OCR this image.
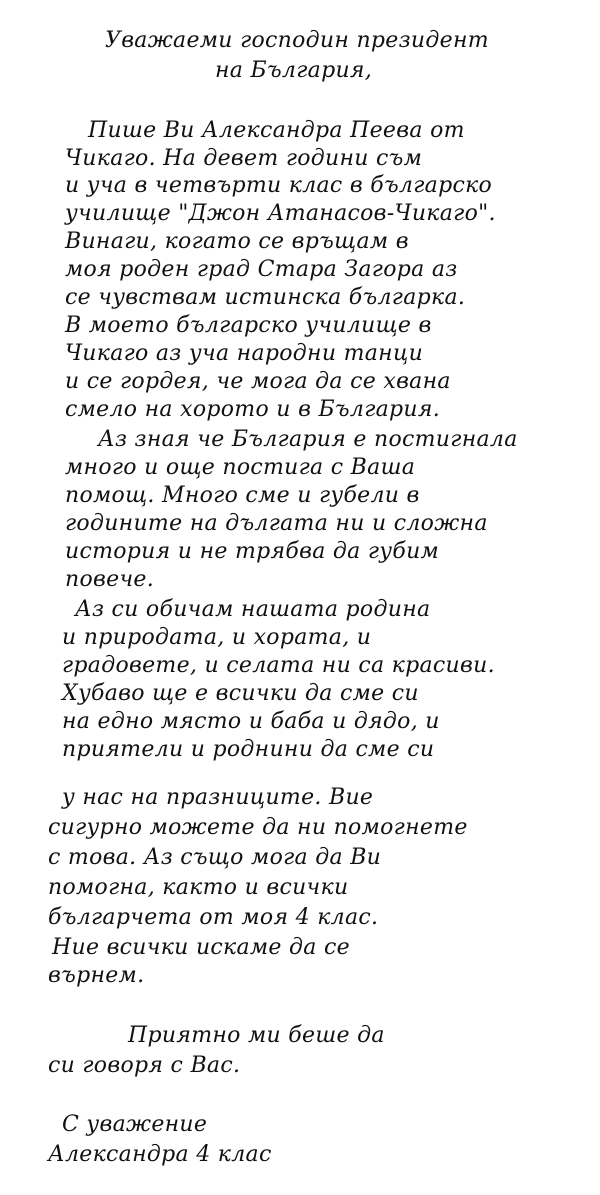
Уважаеми господин президент
на България,
Пише Ви Александра Пеева от
Чикаго. На девет години съм
и уча в четвърти клас в българско
училище "Джон Атанасов-Чикаго".
Винаги, когато се връщам в
моя роден град Стара Загора аз
се чувствам истинска българка.
В моето българско училище в
Чикаго аз уча народни танци
и се гордея, че мога да се хвана
смело на хорото и в България.
Аз зная че България е постигнала
много и още постига с Ваша
помощ. Много сме и губели в
годините на дългата ни и сложна
история и не трябва да губим
повече.
Аз си обичам нашата родина
и природата, и хората, и
градовете, и селата ни са красиви.
Хубаво ще е всички да сме си
на едно място и баба и дядо, и
приятели и роднини да сме си
у нас на празниците. Вие
сигурно можете да ни помогнете
с това. Аз също мога да Ви
помогна, както и всички
българчета от моя 4 клас.
Ние всички искаме да се
върнем.
Приятно ми беше да
си говоря с Вас.
С уважение
Александра 4 клас
